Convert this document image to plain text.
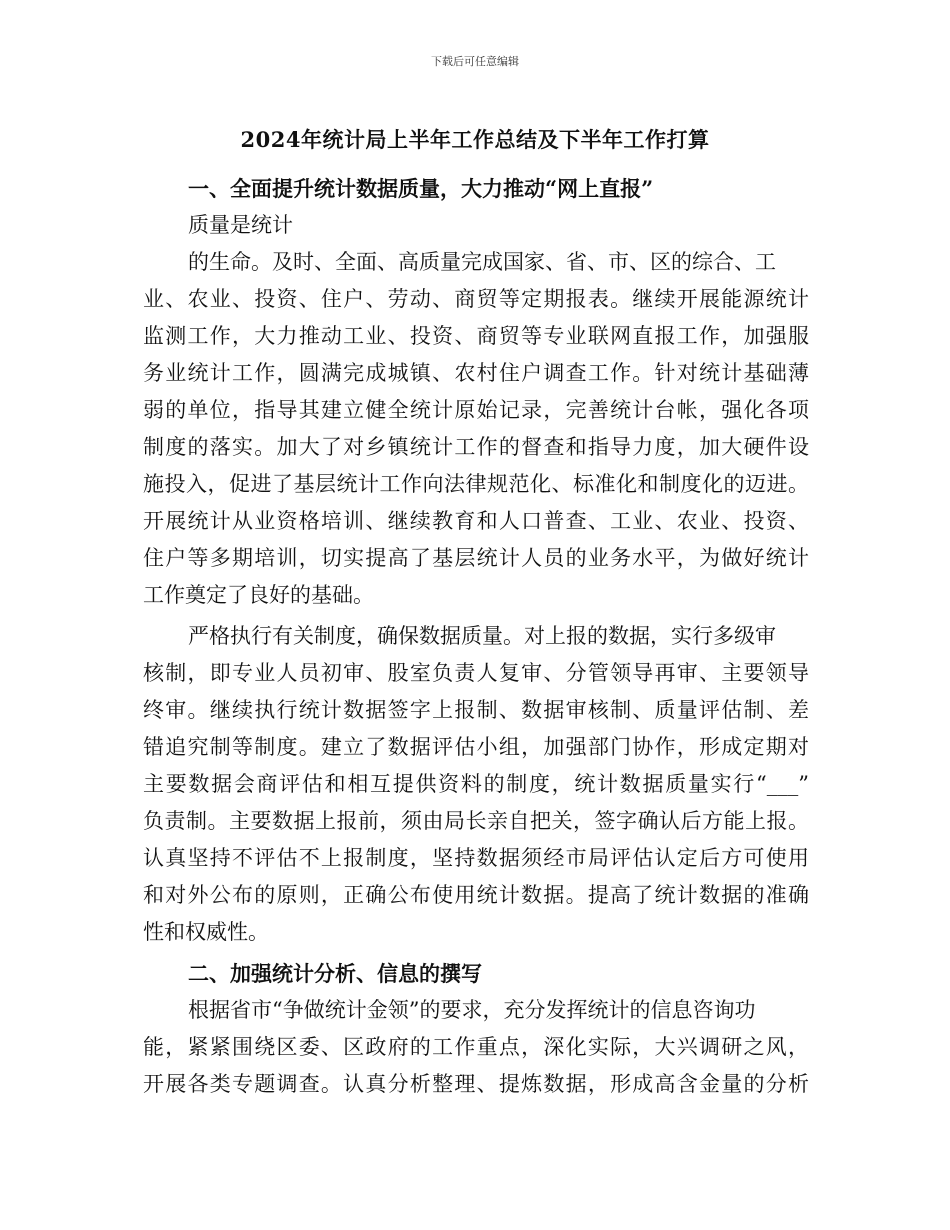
下载后可任意编辑
2024年统计局上半年工作总结及下半年工作打算
一、全面提升统计数据质量，大力推动“网上直报”
质量是统计
的生命。及时、全面、高质量完成国家、省、市、区的综合、工
业、农业、投资、住户、劳动、商贸等定期报表。继续开展能源统计
监测工作，大力推动工业、投资、商贸等专业联网直报工作，加强服
务业统计工作，圆满完成城镇、农村住户调查工作。针对统计基础薄
弱的单位，指导其建立健全统计原始记录，完善统计台帐，强化各项
制度的落实。加大了对乡镇统计工作的督查和指导力度，加大硬件设
施投入，促进了基层统计工作向法律规范化、标准化和制度化的迈进。
开展统计从业资格培训、继续教育和人口普查、工业、农业、投资、
住户等多期培训，切实提高了基层统计人员的业务水平，为做好统计
工作奠定了良好的基础。
严格执行有关制度，确保数据质量。对上报的数据，实行多级审
核制，即专业人员初审、股室负责人复审、分管领导再审、主要领导
终审。继续执行统计数据签字上报制、数据审核制、质量评估制、差
错追究制等制度。建立了数据评估小组，加强部门协作，形成定期对
主要数据会商评估和相互提供资料的制度，统计数据质量实行“___”
负责制。主要数据上报前，须由局长亲自把关，签字确认后方能上报。
认真坚持不评估不上报制度，坚持数据须经市局评估认定后方可使用
和对外公布的原则，正确公布使用统计数据。提高了统计数据的准确
性和权威性。
二、加强统计分析、信息的撰写
根据省市“争做统计金领”的要求，充分发挥统计的信息咨询功
能，紧紧围绕区委、区政府的工作重点，深化实际，大兴调研之风，
开展各类专题调查。认真分析整理、提炼数据，形成高含金量的分析
